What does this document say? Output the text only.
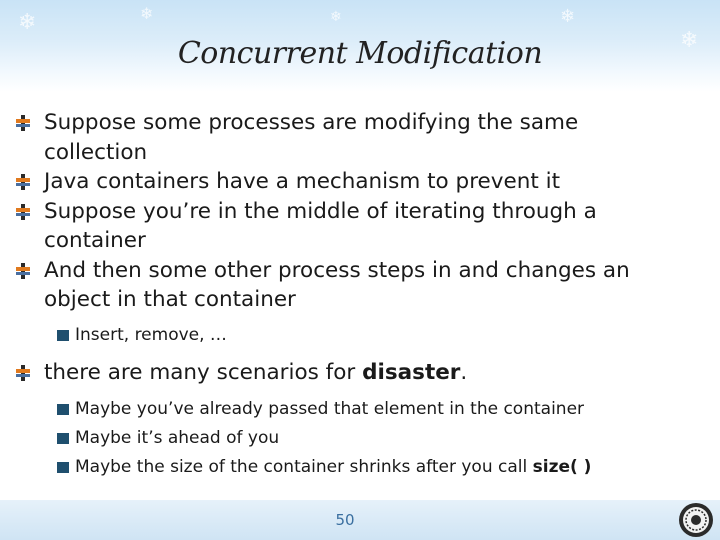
❄	❄	❄	❄
❄
Concurrent Modification
Suppose some processes are modifying the same collection
Java containers have a mechanism to prevent it
Suppose you’re in the middle of iterating through a container
And then some other process steps in and changes an object in that container
Insert, remove, …
there are many scenarios for disaster.
Maybe you’ve already passed that element in the container
Maybe it’s ahead of you
Maybe the size of the container shrinks after you call size( )
50
